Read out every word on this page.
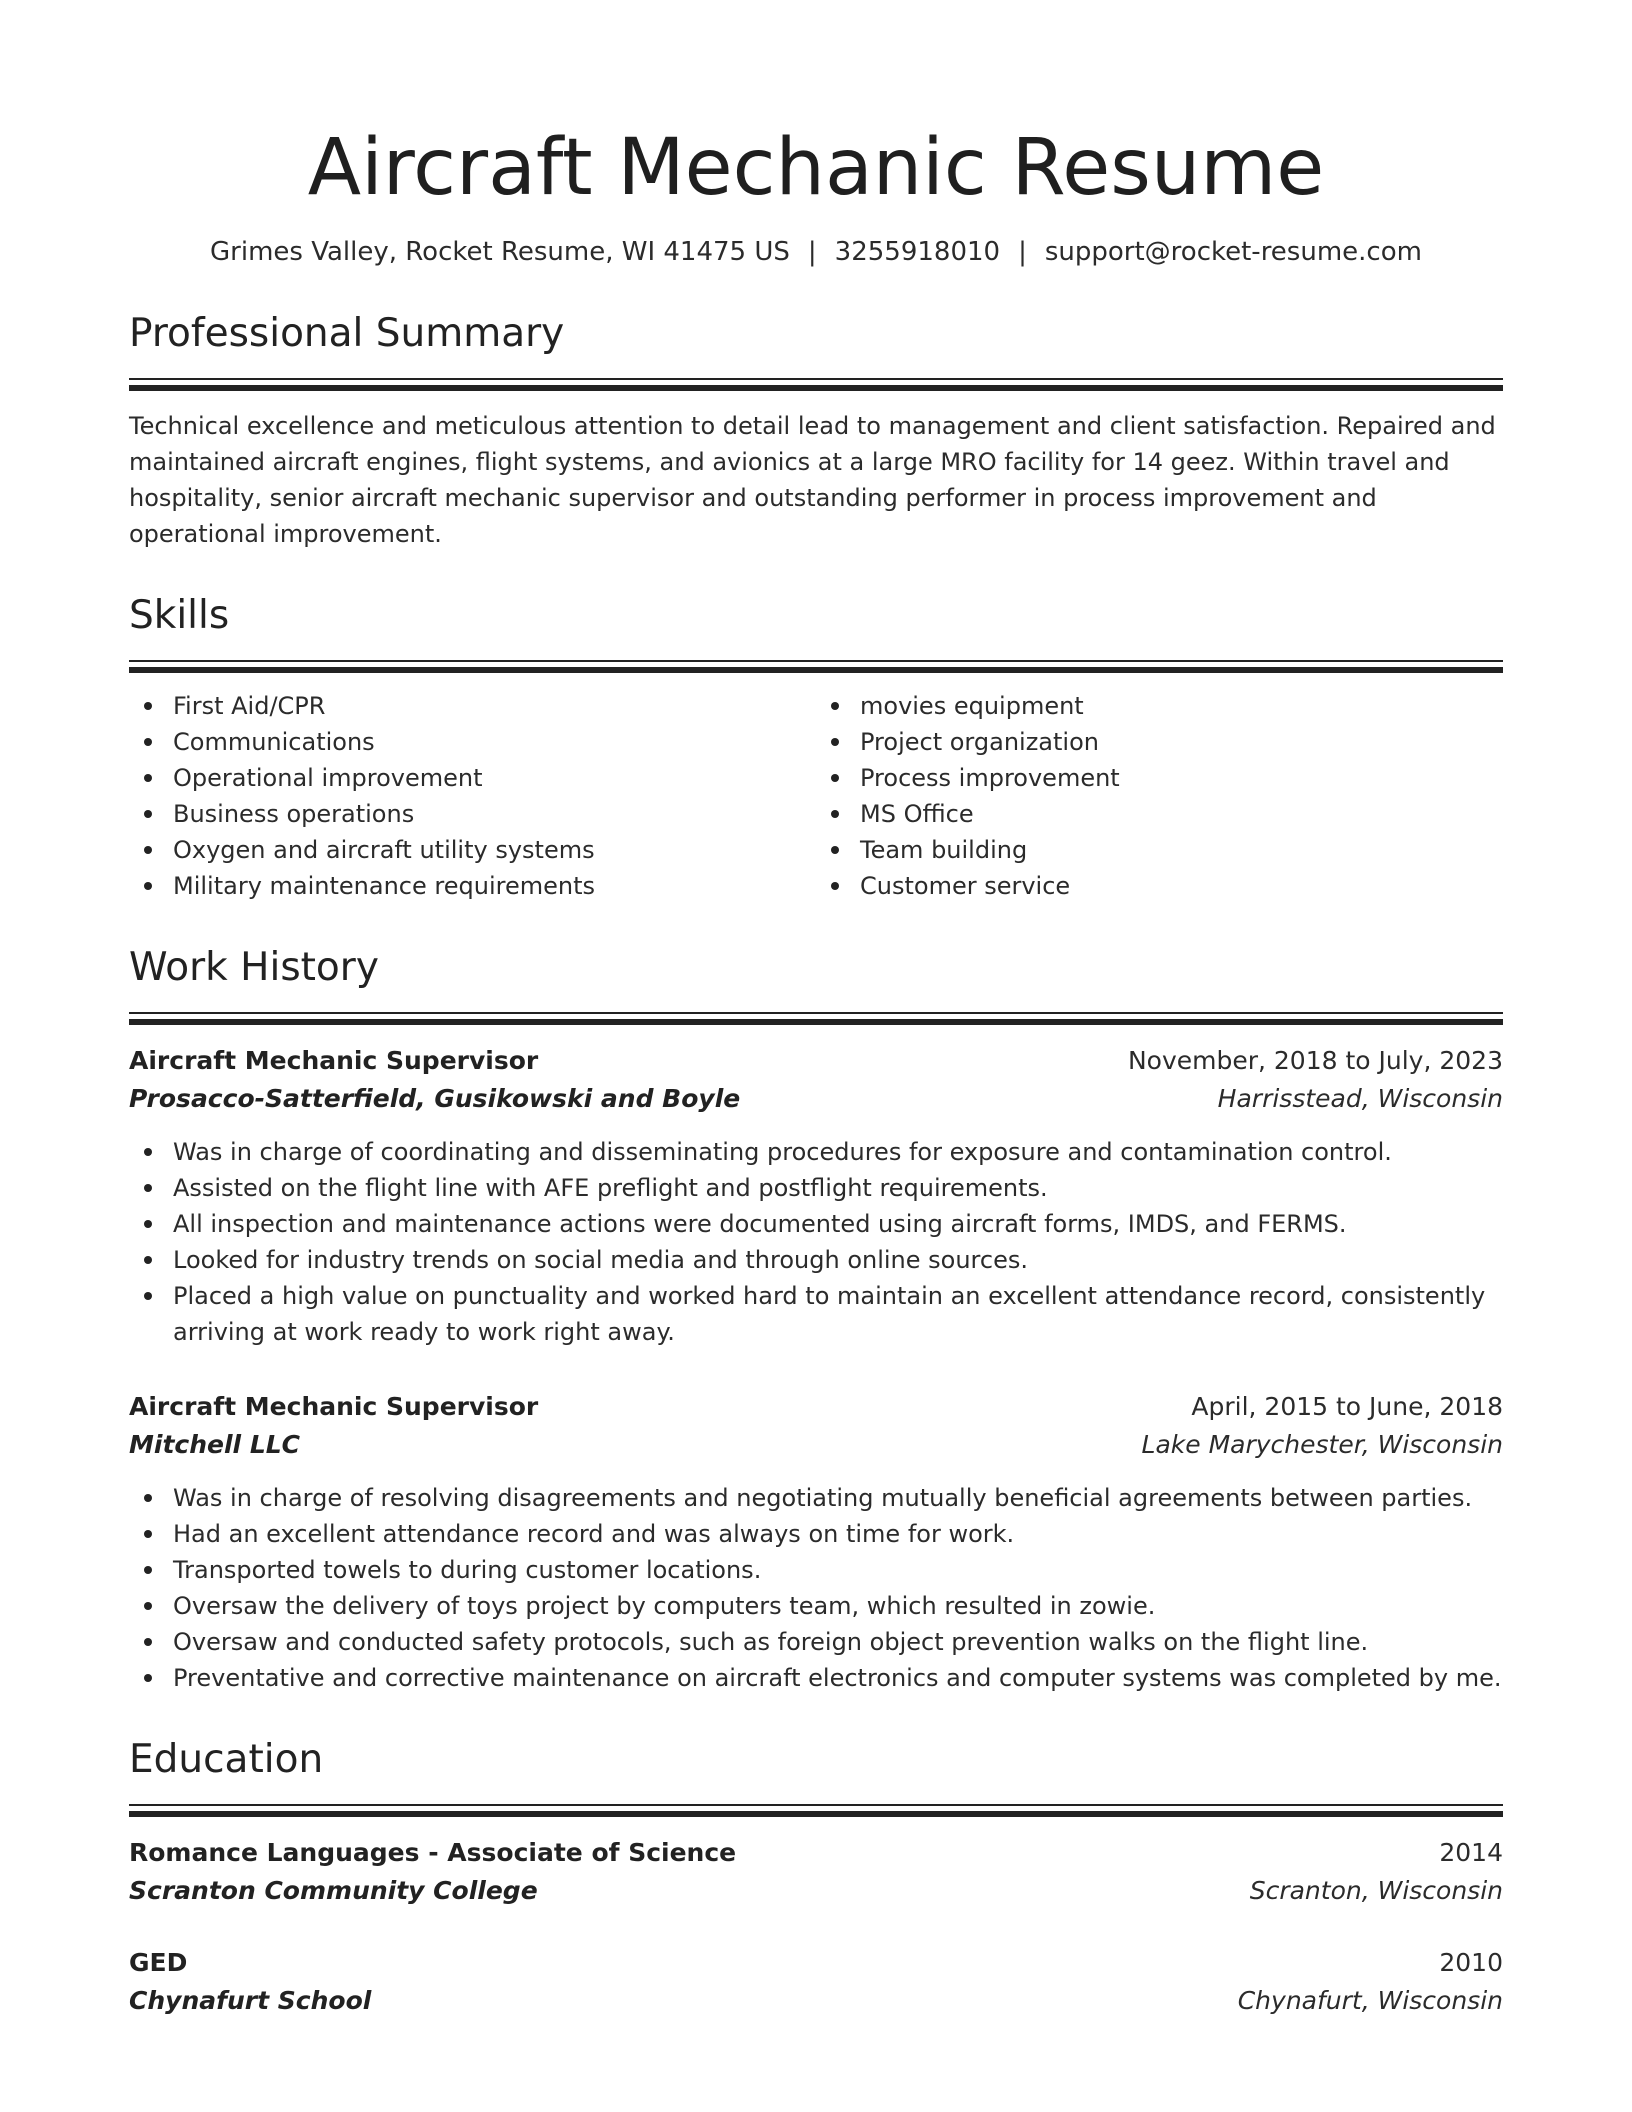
Aircraft Mechanic Resume
Grimes Valley, Rocket Resume, WI 41475 US | 3255918010 | support@rocket-resume.com
Professional Summary

Technical excellence and meticulous attention to detail lead to management and client satisfaction. Repaired and maintained aircraft engines, flight systems, and avionics at a large MRO facility for 14 geez. Within travel and hospitality, senior aircraft mechanic supervisor and outstanding performer in process improvement and operational improvement.

Skills
First Aid/CPR
Communications
Operational improvement
Business operations
Oxygen and aircraft utility systems
Military maintenance requirements
movies equipment
Project organization
Process improvement
MS Office
Team building
Customer service
Work History
Aircraft Mechanic Supervisor	November, 2018 to July, 2023
Prosacco-Satterfield, Gusikowski and Boyle	Harrisstead, Wisconsin
Was in charge of coordinating and disseminating procedures for exposure and contamination control.
Assisted on the flight line with AFE preflight and postflight requirements.
All inspection and maintenance actions were documented using aircraft forms, IMDS, and FERMS.
Looked for industry trends on social media and through online sources.
Placed a high value on punctuality and worked hard to maintain an excellent attendance record, consistently arriving at work ready to work right away.
Aircraft Mechanic Supervisor	April, 2015 to June, 2018
Mitchell LLC	Lake Marychester, Wisconsin
Was in charge of resolving disagreements and negotiating mutually beneficial agreements between parties.
Had an excellent attendance record and was always on time for work.
Transported towels to during customer locations.
Oversaw the delivery of toys project by computers team, which resulted in zowie.
Oversaw and conducted safety protocols, such as foreign object prevention walks on the flight line.
Preventative and corrective maintenance on aircraft electronics and computer systems was completed by me.
Education
Romance Languages - Associate of Science	2014
Scranton Community College	Scranton, Wisconsin
GED	2010
Chynafurt School	Chynafurt, Wisconsin
